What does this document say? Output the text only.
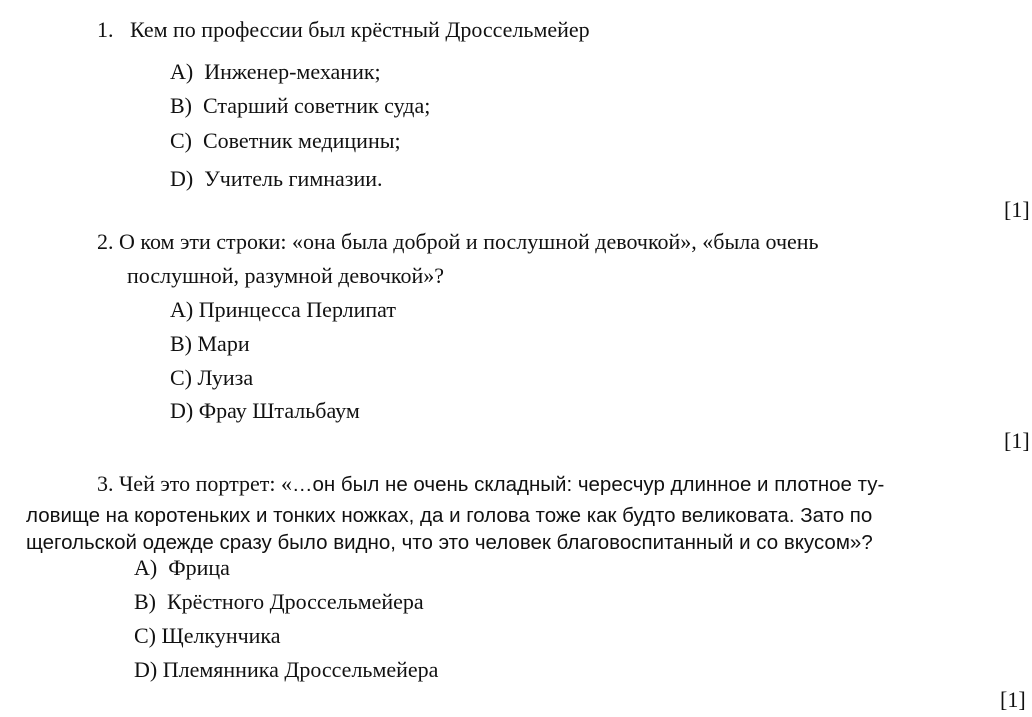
1. Кем по профессии был крёстный Дроссельмейер
A) Инженер-механик;
B) Старший советник суда;
C) Советник медицины;
D) Учитель гимназии.
[1]
2. О ком эти строки: «она была доброй и послушной девочкой», «была очень
послушной, разумной девочкой»?
A) Принцесса Перлипат
B) Мари
C) Луиза
D) Фрау Штальбаум
[1]
3. Чей это портрет: «…он был не очень складный: чересчур длинное и плотное ту-
ловище на коротеньких и тонких ножках, да и голова тоже как будто великовата. Зато по
щегольской одежде сразу было видно, что это человек благовоспитанный и со вкусом»?
A) Фрица
B) Крёстного Дроссельмейера
C) Щелкунчика
D) Племянника Дроссельмейера
[1]
